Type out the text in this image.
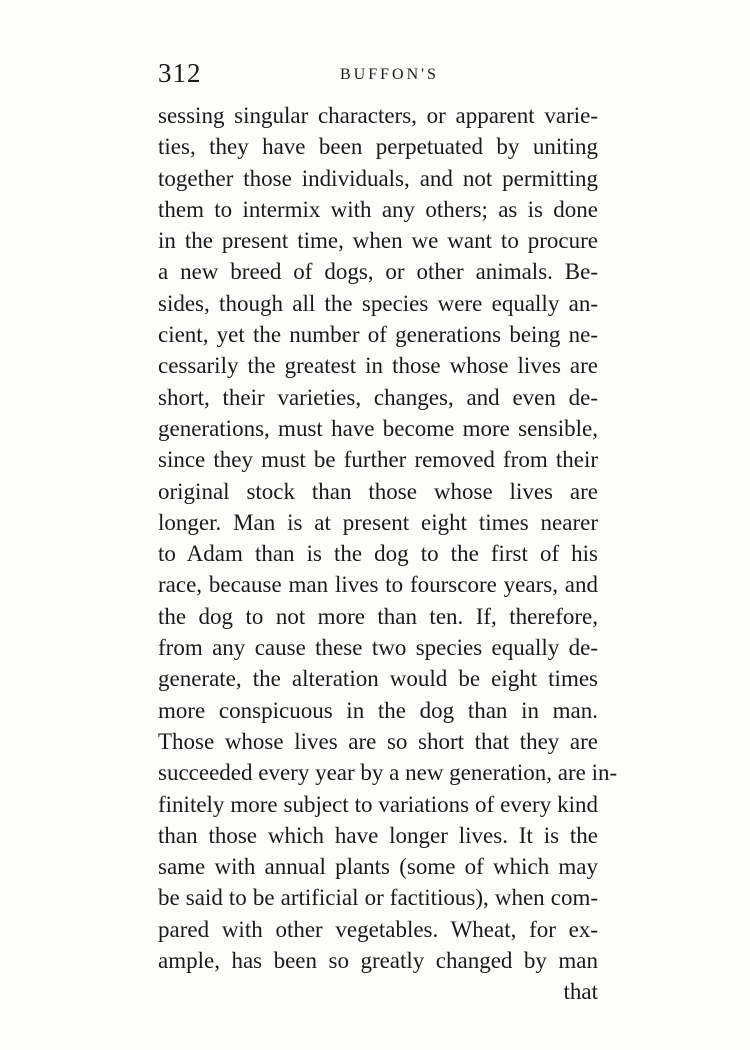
312	BUFFON'S
sessing singular characters, or apparent varie-
ties, they have been perpetuated by uniting
together those individuals, and not permitting
them to intermix with any others; as is done
in the present time, when we want to procure
a new breed of dogs, or other animals. Be-
sides, though all the species were equally an-
cient, yet the number of generations being ne-
cessarily the greatest in those whose lives are
short, their varieties, changes, and even de-
generations, must have become more sensible,
since they must be further removed from their
original stock than those whose lives are
longer. Man is at present eight times nearer
to Adam than is the dog to the first of his
race, because man lives to fourscore years, and
the dog to not more than ten. If, therefore,
from any cause these two species equally de-
generate, the alteration would be eight times
more conspicuous in the dog than in man.
Those whose lives are so short that they are
succeeded every year by a new generation, are in-
finitely more subject to variations of every kind
than those which have longer lives. It is the
same with annual plants (some of which may
be said to be artificial or factitious), when com-
pared with other vegetables. Wheat, for ex-
ample, has been so greatly changed by man
that
